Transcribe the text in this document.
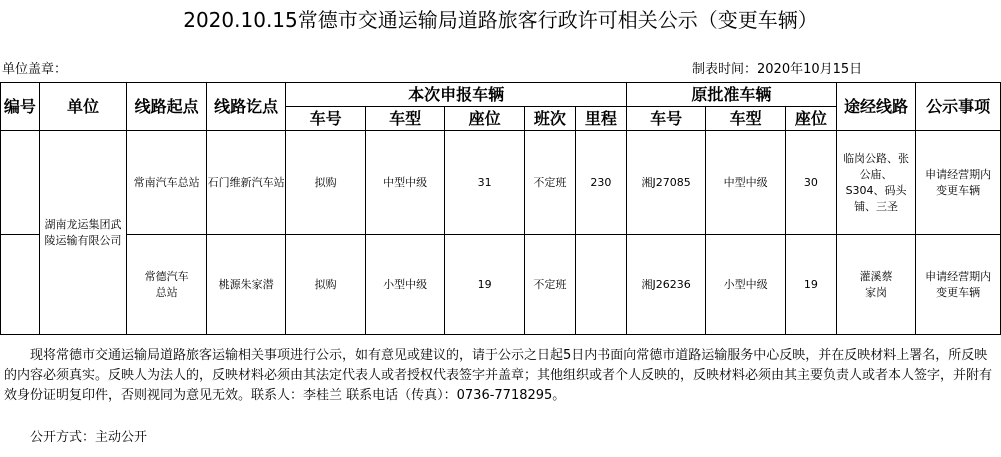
2020.10.15常德市交通运输局道路旅客行政许可相关公示（变更车辆）
单位盖章：	制表时间：2020年10月15日
编号	单位	线路起点	线路讫点	本次申报车辆					原批准车辆			途经线路	公示事项
				车号	车型	座位	班次	里程	车号	车型	座位		
	湖南龙运集团武陵运输有限公司	常南汽车总站	石门维新汽车站	拟购	中型中级	31	不定班	230	湘J27085	中型中级	30	临岗公路、张公庙、S304、码头铺、三圣	申请经营期内变更车辆
		常德汽车总站	桃源朱家潜	拟购	小型中级	19	不定班		湘J26236	小型中级	19	灌溪蔡家岗	申请经营期内变更车辆
现将常德市交通运输局道路旅客运输相关事项进行公示，如有意见或建议的，请于公示之日起5日内书面向常德市道路运输服务中心反映，并在反映材料上署名，所反映的内容必须真实。反映人为法人的，反映材料必须由其法定代表人或者授权代表签字并盖章；其他组织或者个人反映的，反映材料必须由其主要负责人或者本人签字，并附有效身份证明复印件，否则视同为意见无效。联系人：李桂兰 联系电话（传真）：0736-7718295。
公开方式：主动公开
